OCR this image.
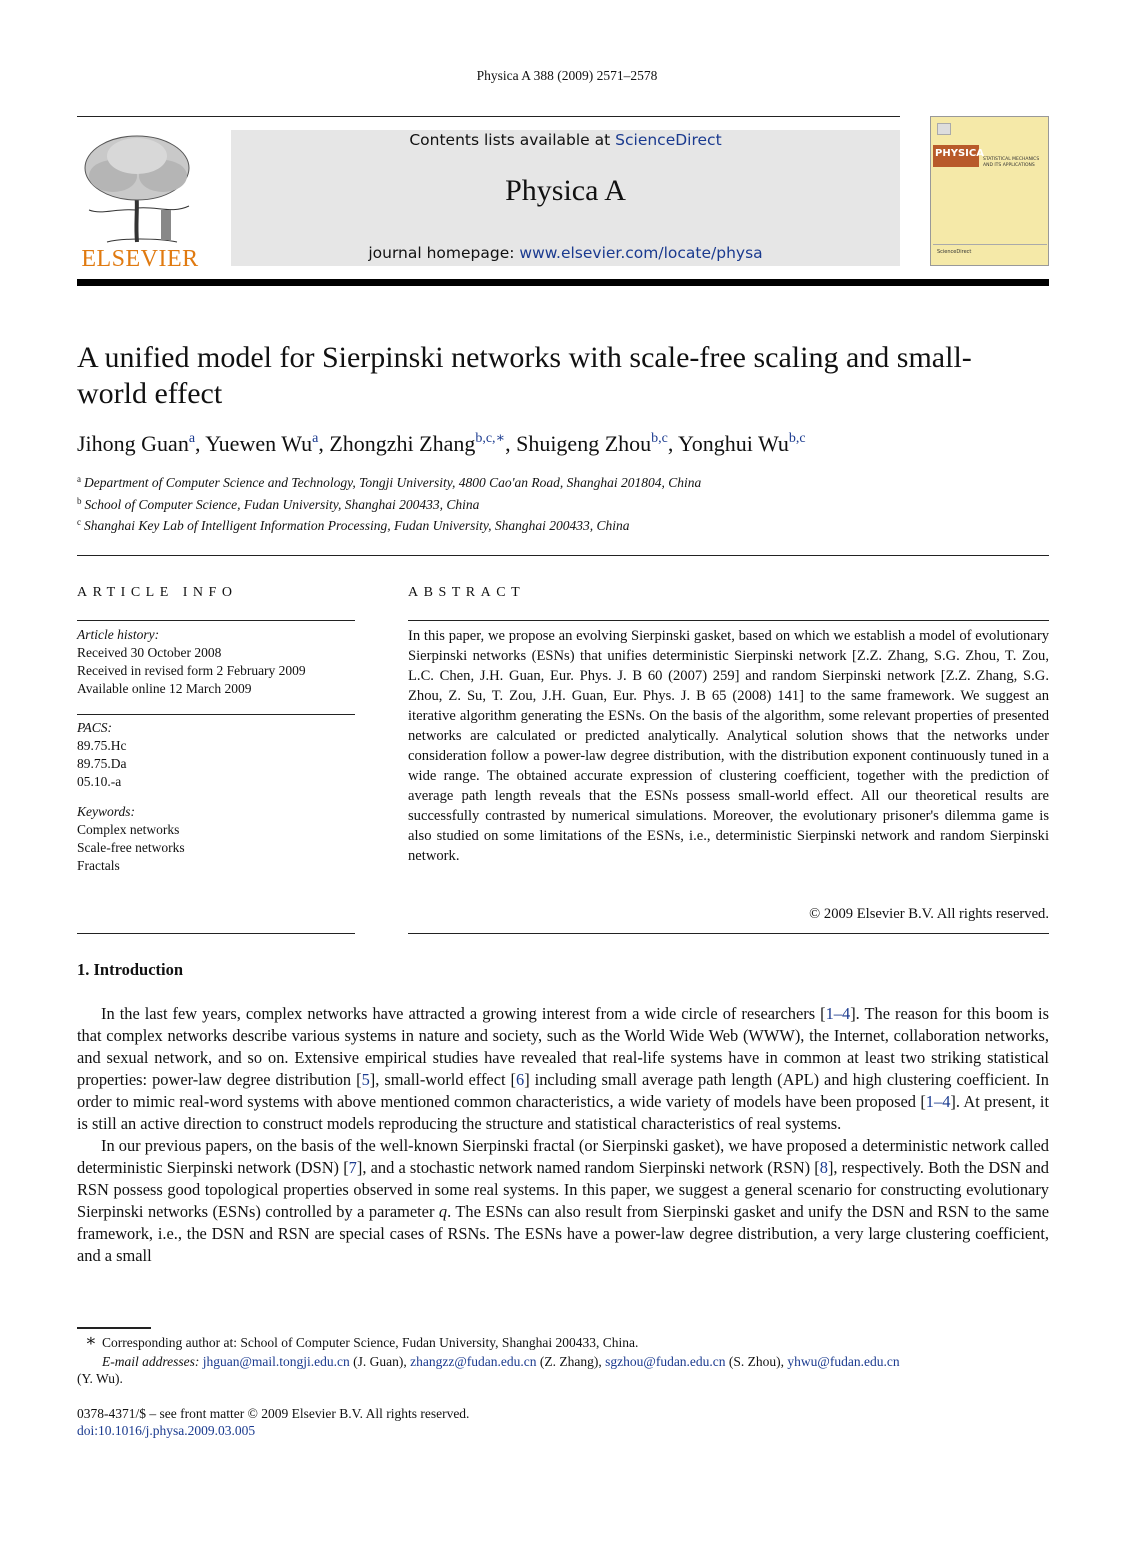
Physica A 388 (2009) 2571–2578
ELSEVIER
Contents lists available at ScienceDirect
Physica A
journal homepage: www.elsevier.com/locate/physa
PHYSICA
STATISTICAL MECHANICS AND ITS APPLICATIONS
ScienceDirect
A unified model for Sierpinski networks with scale-free scaling and small-world effect
Jihong Guan$^a$, Yuewen Wu$^a$, Zhongzhi Zhang$^{b,c,∗}$, Shuigeng Zhou$^{b,c}$, Yonghui Wu$^{b,c}$
$^a$ Department of Computer Science and Technology, Tongji University, 4800 Cao'an Road, Shanghai 201804, China
$^b$ School of Computer Science, Fudan University, Shanghai 200433, China
$^c$ Shanghai Key Lab of Intelligent Information Processing, Fudan University, Shanghai 200433, China
ARTICLE INFO
Article history:
Received 30 October 2008
Received in revised form 2 February 2009
Available online 12 March 2009
PACS:
89.75.Hc
89.75.Da
05.10.-a
Keywords:
Complex networks
Scale-free networks
Fractals
ABSTRACT
In this paper, we propose an evolving Sierpinski gasket, based on which we establish a model of evolutionary Sierpinski networks (ESNs) that unifies deterministic Sierpinski network [Z.Z. Zhang, S.G. Zhou, T. Zou, L.C. Chen, J.H. Guan, Eur. Phys. J. B 60 (2007) 259] and random Sierpinski network [Z.Z. Zhang, S.G. Zhou, Z. Su, T. Zou, J.H. Guan, Eur. Phys. J. B 65 (2008) 141] to the same framework. We suggest an iterative algorithm generating the ESNs. On the basis of the algorithm, some relevant properties of presented networks are calculated or predicted analytically. Analytical solution shows that the networks under consideration follow a power-law degree distribution, with the distribution exponent continuously tuned in a wide range. The obtained accurate expression of clustering coefficient, together with the prediction of average path length reveals that the ESNs possess small-world effect. All our theoretical results are successfully contrasted by numerical simulations. Moreover, the evolutionary prisoner's dilemma game is also studied on some limitations of the ESNs, i.e., deterministic Sierpinski network and random Sierpinski network.
© 2009 Elsevier B.V. All rights reserved.
1. Introduction

In the last few years, complex networks have attracted a growing interest from a wide circle of researchers [1–4]. The reason for this boom is that complex networks describe various systems in nature and society, such as the World Wide Web (WWW), the Internet, collaboration networks, and sexual network, and so on. Extensive empirical studies have revealed that real-life systems have in common at least two striking statistical properties: power-law degree distribution [5], small-world effect [6] including small average path length (APL) and high clustering coefficient. In order to mimic real-word systems with above mentioned common characteristics, a wide variety of models have been proposed [1–4]. At present, it is still an active direction to construct models reproducing the structure and statistical characteristics of real systems.

In our previous papers, on the basis of the well-known Sierpinski fractal (or Sierpinski gasket), we have proposed a deterministic network called deterministic Sierpinski network (DSN) [7], and a stochastic network named random Sierpinski network (RSN) [8], respectively. Both the DSN and RSN possess good topological properties observed in some real systems. In this paper, we suggest a general scenario for constructing evolutionary Sierpinski networks (ESNs) controlled by a parameter q. The ESNs can also result from Sierpinski gasket and unify the DSN and RSN to the same framework, i.e., the DSN and RSN are special cases of RSNs. The ESNs have a power-law degree distribution, a very large clustering coefficient, and a small

∗ Corresponding author at: School of Computer Science, Fudan University, Shanghai 200433, China.
E-mail addresses: jhguan@mail.tongji.edu.cn (J. Guan), zhangzz@fudan.edu.cn (Z. Zhang), sgzhou@fudan.edu.cn (S. Zhou), yhwu@fudan.edu.cn
(Y. Wu).
0378-4371/$ – see front matter © 2009 Elsevier B.V. All rights reserved.
doi:10.1016/j.physa.2009.03.005
